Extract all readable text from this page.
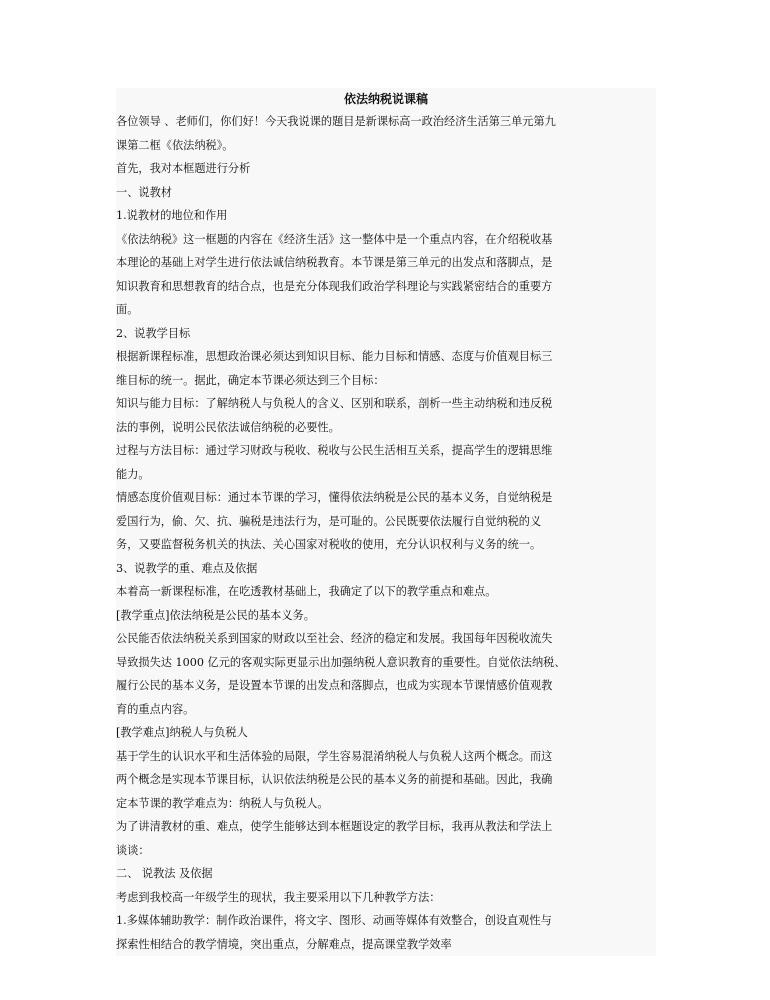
依法纳税说课稿
各位领导 、老师们，你们好！今天我说课的题目是新课标高一政治经济生活第三单元第九
课第二框《依法纳税》。
首先，我对本框题进行分析
一、说教材
1.说教材的地位和作用
《依法纳税》这一框题的内容在《经济生活》这一整体中是一个重点内容，在介绍税收基
本理论的基础上对学生进行依法诚信纳税教育。本节课是第三单元的出发点和落脚点，是
知识教育和思想教育的结合点，也是充分体现我们政治学科理论与实践紧密结合的重要方
面。
2、说教学目标
根据新课程标准，思想政治课必须达到知识目标、能力目标和情感、态度与价值观目标三
维目标的统一。据此，确定本节课必须达到三个目标：
知识与能力目标：了解纳税人与负税人的含义、区别和联系，剖析一些主动纳税和违反税
法的事例，说明公民依法诚信纳税的必要性。
过程与方法目标：通过学习财政与税收、税收与公民生活相互关系，提高学生的逻辑思维
能力。
情感态度价值观目标：通过本节课的学习，懂得依法纳税是公民的基本义务，自觉纳税是
爱国行为，偷、欠、抗、骗税是违法行为，是可耻的。公民既要依法履行自觉纳税的义
务，又要监督税务机关的执法、关心国家对税收的使用，充分认识权利与义务的统一。
3、说教学的重、难点及依据
本着高一新课程标准，在吃透教材基础上，我确定了以下的教学重点和难点。
[教学重点]依法纳税是公民的基本义务。
公民能否依法纳税关系到国家的财政以至社会、经济的稳定和发展。我国每年因税收流失
导致损失达 1000 亿元的客观实际更显示出加强纳税人意识教育的重要性。自觉依法纳税、
履行公民的基本义务，是设置本节课的出发点和落脚点，也成为实现本节课情感价值观教
育的重点内容。
[教学难点]纳税人与负税人
基于学生的认识水平和生活体验的局限，学生容易混淆纳税人与负税人这两个概念。而这
两个概念是实现本节课目标，认识依法纳税是公民的基本义务的前提和基础。因此，我确
定本节课的教学难点为：纳税人与负税人。
为了讲清教材的重、难点，使学生能够达到本框题设定的教学目标，我再从教法和学法上
谈谈：
二、 说教法 及依据
考虑到我校高一年级学生的现状，我主要采用以下几种教学方法：
1.多媒体辅助教学：制作政治课件，将文字、图形、动画等媒体有效整合，创设直观性与
探索性相结合的教学情境，突出重点，分解难点，提高课堂教学效率
